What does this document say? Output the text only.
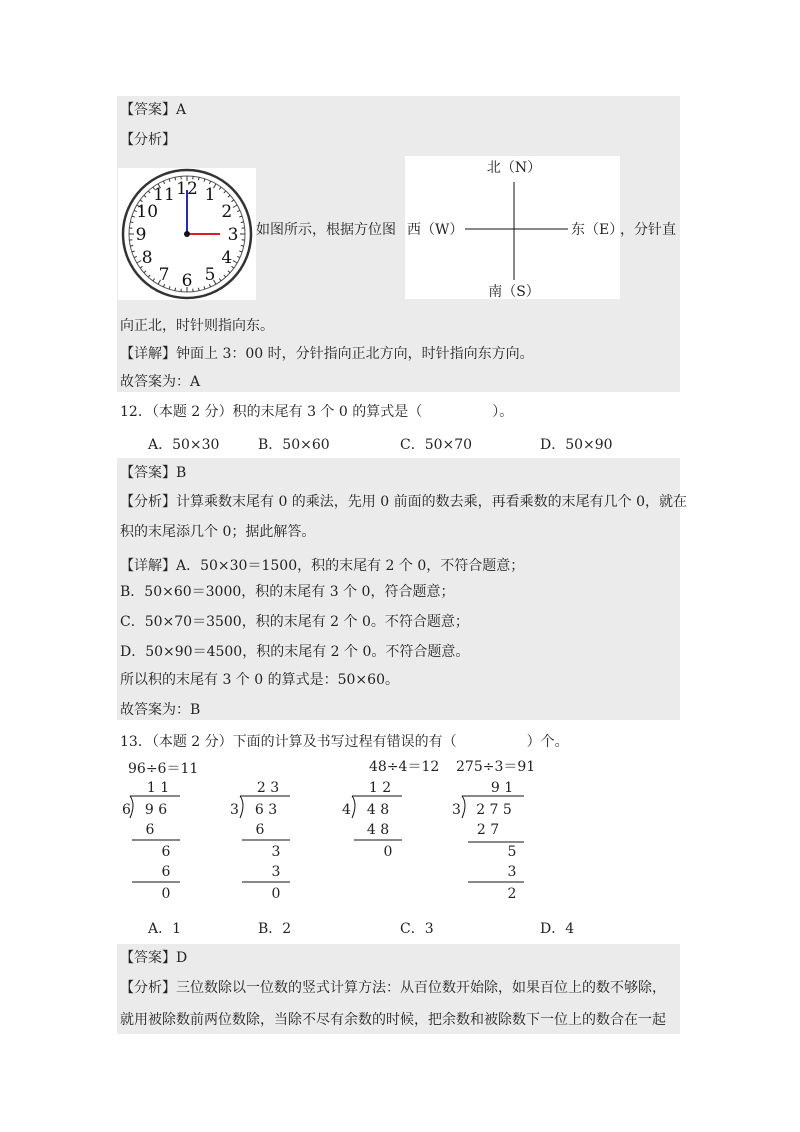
【答案】A
【分析】
12 1
2
3
4
5
6
7
8
9
10
11
如图所示，根据方位图
北（N）
南（S）
西（W）	东（E）
，分针直
向正北，时针则指向东。
【详解】钟面上 3：00 时，分针指向正北方向，时针指向东方向。
故答案为：A
12．（本题 2 分）积的末尾有 3 个 0 的算式是（　　　　　）。
A．50×30	B．50×60	C．50×70	D．50×90
【答案】B
【分析】计算乘数末尾有 0 的乘法，先用 0 前面的数去乘，再看乘数的末尾有几个 0，就在
积的末尾添几个 0；据此解答。
【详解】A．50×30＝1500，积的末尾有 2 个 0，不符合题意；
B．50×60＝3000，积的末尾有 3 个 0，符合题意；
C．50×70＝3500，积的末尾有 2 个 0。不符合题意；
D．50×90＝4500，积的末尾有 2 个 0。不符合题意。
所以积的末尾有 3 个 0 的算式是：50×60。
故答案为：B
13．（本题 2 分）下面的计算及书写过程有错误的有（　　　　　）个。
96÷6＝11	48÷4＝12 275÷3＝91
1 1
6 9 6
6
6
6
0
2 3
3 6 3
6
3
3
0
1 2
4 4 8
4 8
0
9 1
3 2 7 5
2 7
5
3
2
A．1	B．2	C．3	D．4
【答案】D
【分析】三位数除以一位数的竖式计算方法：从百位数开始除，如果百位上的数不够除，
就用被除数前两位数除，当除不尽有余数的时候，把余数和被除数下一位上的数合在一起
